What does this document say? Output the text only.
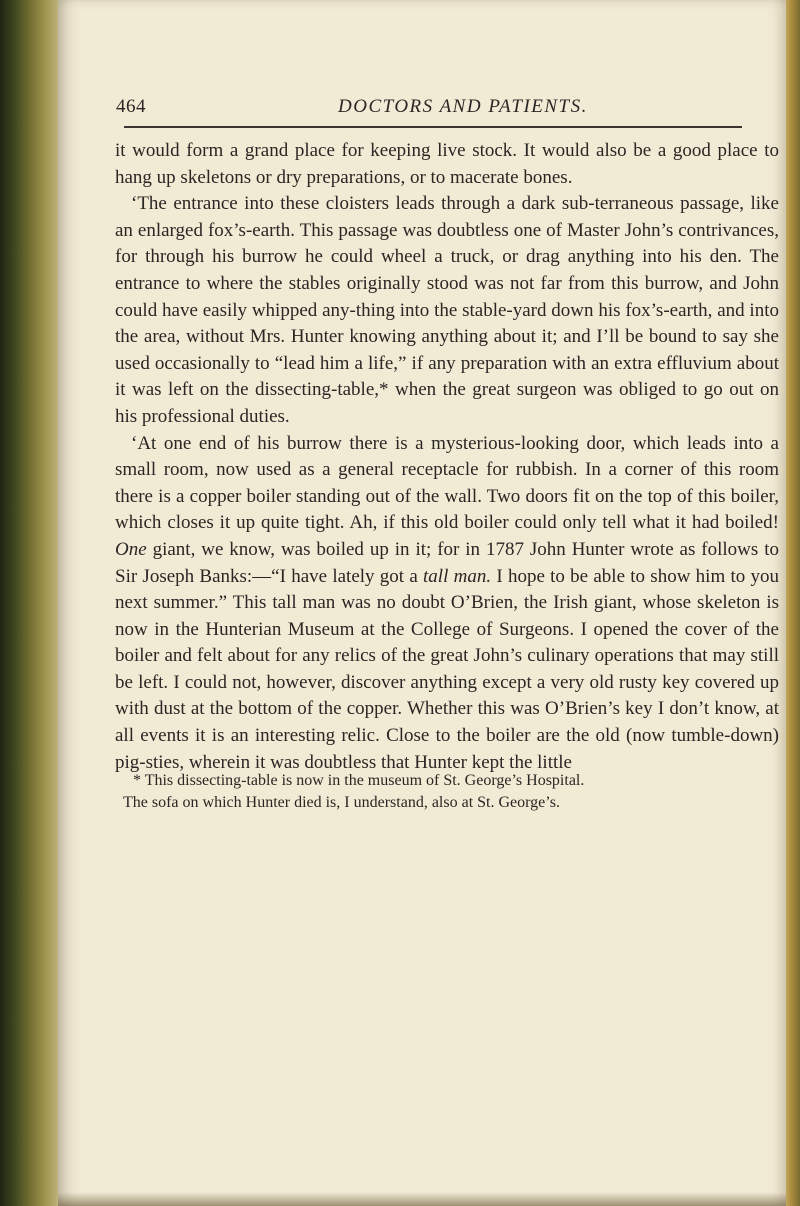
464	DOCTORS AND PATIENTS.

it would form a grand place for keeping live stock. It would also be a good place to hang up skeletons or dry preparations, or to macerate bones.

‘The entrance into these cloisters leads through a dark sub-terraneous passage, like an enlarged fox’s-earth. This passage was doubtless one of Master John’s contrivances, for through his burrow he could wheel a truck, or drag anything into his den. The entrance to where the stables originally stood was not far from this burrow, and John could have easily whipped any-thing into the stable-yard down his fox’s-earth, and into the area, without Mrs. Hunter knowing anything about it; and I’ll be bound to say she used occasionally to “lead him a life,” if any preparation with an extra effluvium about it was left on the dissecting-table,* when the great surgeon was obliged to go out on his professional duties.

‘At one end of his burrow there is a mysterious-looking door, which leads into a small room, now used as a general receptacle for rubbish. In a corner of this room there is a copper boiler standing out of the wall. Two doors fit on the top of this boiler, which closes it up quite tight. Ah, if this old boiler could only tell what it had boiled! One giant, we know, was boiled up in it; for in 1787 John Hunter wrote as follows to Sir Joseph Banks:—“I have lately got a tall man. I hope to be able to show him to you next summer.” This tall man was no doubt O’Brien, the Irish giant, whose skeleton is now in the Hunterian Museum at the College of Surgeons. I opened the cover of the boiler and felt about for any relics of the great John’s culinary operations that may still be left. I could not, however, discover anything except a very old rusty key covered up with dust at the bottom of the copper. Whether this was O’Brien’s key I don’t know, at all events it is an interesting relic. Close to the boiler are the old (now tumble-down) pig-sties, wherein it was doubtless that Hunter kept the little

* This dissecting-table is now in the museum of St. George’s Hospital.

The sofa on which Hunter died is, I understand, also at St. George’s.
